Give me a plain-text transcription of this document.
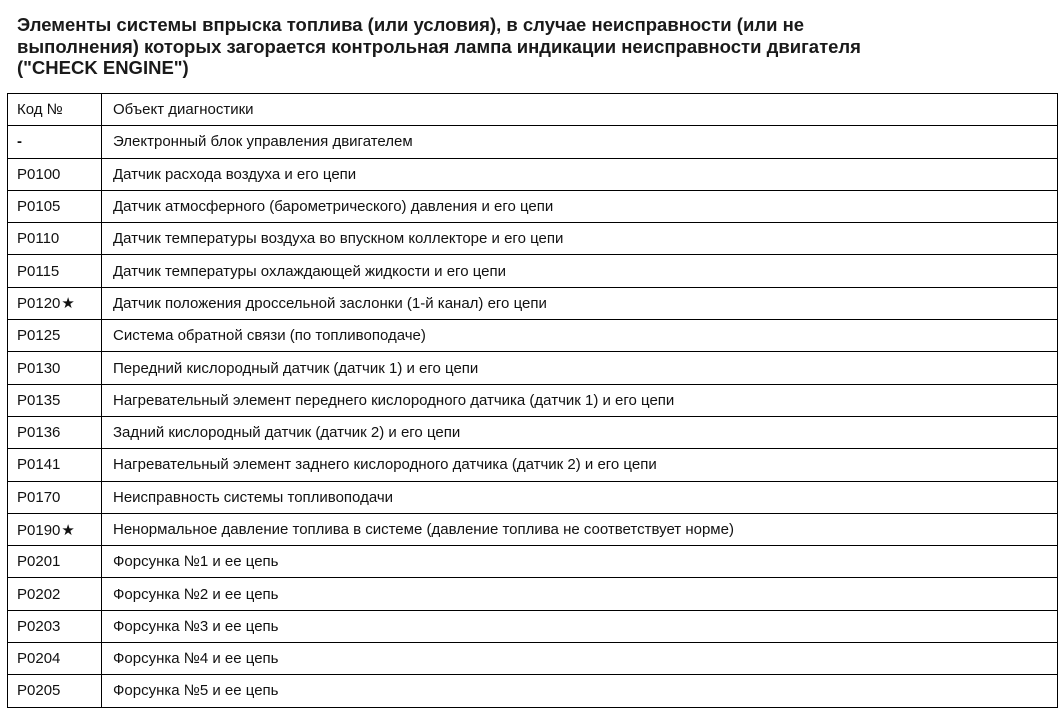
Элементы системы впрыска топлива (или условия), в случае неисправности (или не
выполнения) которых загорается контрольная лампа индикации неисправности двигателя
("CHECK ENGINE")
Код №	Объект диагностики
-	Электронный блок управления двигателем
P0100	Датчик расхода воздуха и его цепи
P0105	Датчик атмосферного (барометрического) давления и его цепи
P0110	Датчик температуры воздуха во впускном коллекторе и его цепи
P0115	Датчик температуры охлаждающей жидкости и его цепи
P0120★	Датчик положения дроссельной заслонки (1-й канал) его цепи
P0125	Система обратной связи (по топливоподаче)
P0130	Передний кислородный датчик (датчик 1) и его цепи
P0135	Нагревательный элемент переднего кислородного датчика (датчик 1) и его цепи
P0136	Задний кислородный датчик (датчик 2) и его цепи
P0141	Нагревательный элемент заднего кислородного датчика (датчик 2) и его цепи
P0170	Неисправность системы топливоподачи
P0190★	Ненормальное давление топлива в системе (давление топлива не соответствует норме)
P0201	Форсунка №1 и ее цепь
P0202	Форсунка №2 и ее цепь
P0203	Форсунка №3 и ее цепь
P0204	Форсунка №4 и ее цепь
P0205	Форсунка №5 и ее цепь
